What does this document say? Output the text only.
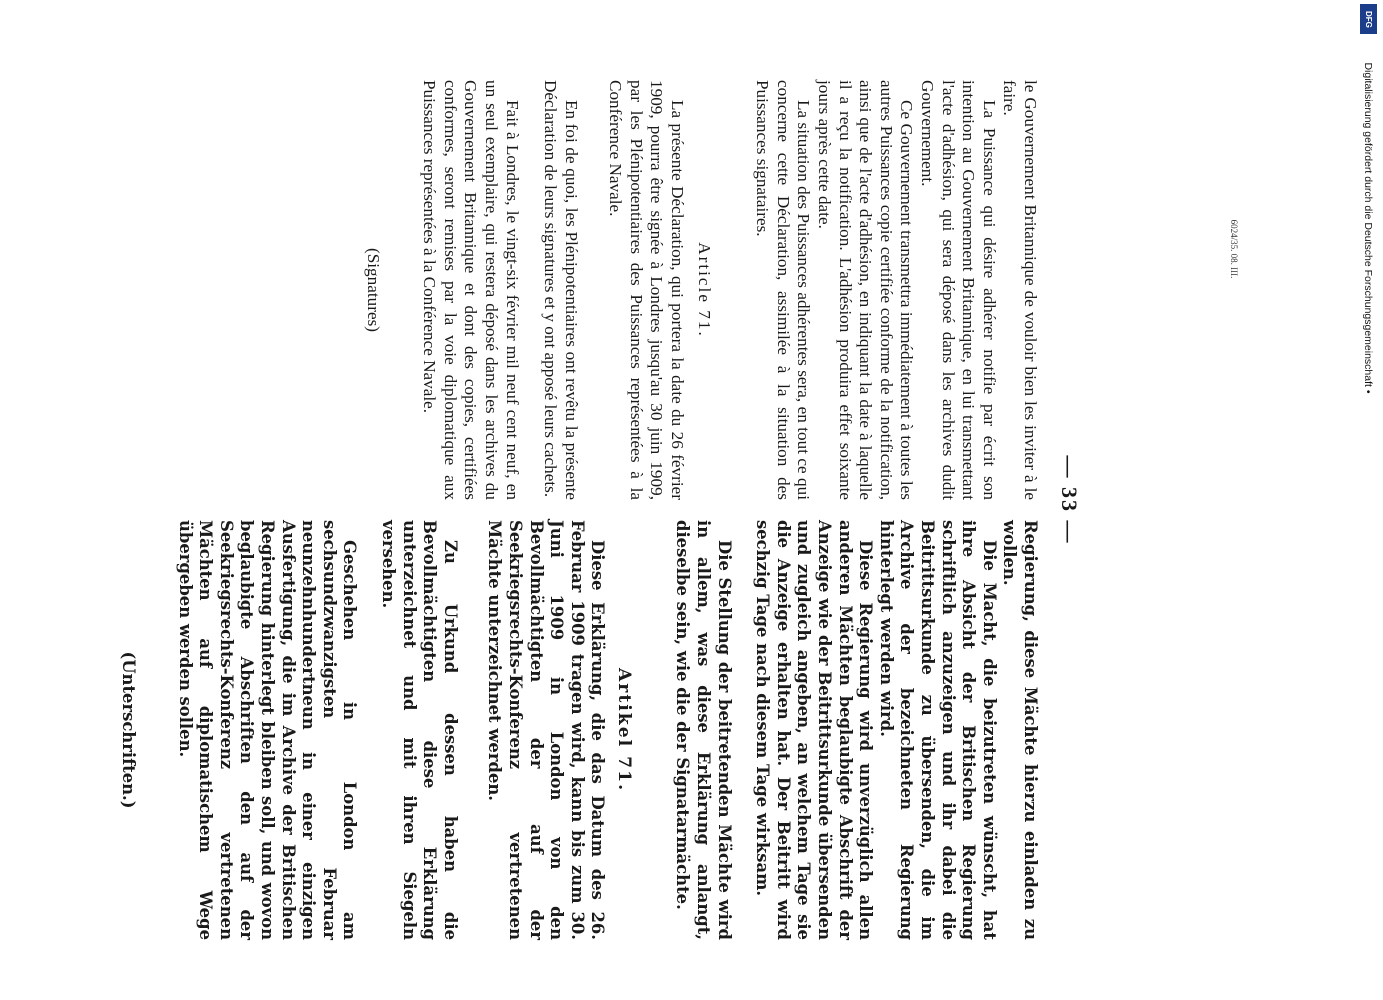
— 33 —

le Gouvernement Britannique de vouloir bien les inviter à le faire.

La Puissance qui désire adhérer notifie par écrit son intention au Gouvernement Britannique, en lui transmettant l'acte d'adhésion, qui sera déposé dans les archives dudit Gouvernement.

Ce Gouvernement transmettra immédiatement à toutes les autres Puissances copie certifiée conforme de la notification, ainsi que de l'acte d'adhésion, en indiquant la date à laquelle il a reçu la notification. L'adhésion produira effet soixante jours après cette date.

La situation des Puissances adhérentes sera, en tout ce qui concerne cette Déclaration, assimilée à la situation des Puissances signataires.

Article 71.

La présente Déclaration, qui portera la date du 26 février 1909, pourra être signée à Londres jusqu'au 30 juin 1909, par les Plénipotentiaires des Puissances représentées à la Conférence Navale.

En foi de quoi, les Plénipotentiaires ont revêtu la présente Déclaration de leurs signatures et y ont apposé leurs cachets.

Fait à Londres, le vingt-six février mil neuf cent neuf, en un seul exemplaire, qui restera déposé dans les archives du Gouvernement Britannique et dont des copies, certifiées conformes, seront remises par la voie diplomatique aux Puissances représentées à la Conférence Navale.

(Signatures)

Regierung, diese Mächte hierzu einladen zu wollen.

Die Macht, die beizutreten wünscht, hat ihre Absicht der Britischen Regierung schriftlich anzuzeigen und ihr dabei die Beitrittsurkunde zu übersenden, die im Archive der bezeichneten Regierung hinterlegt werden wird.

Diese Regierung wird unverzüglich allen anderen Mächten beglaubigte Abschrift der Anzeige wie der Beitrittsurkunde übersenden und zugleich angeben, an welchem Tage sie die Anzeige erhalten hat. Der Beitritt wird sechzig Tage nach diesem Tage wirksam.

Die Stellung der beitretenden Mächte wird in allem, was diese Erklärung anlangt, dieselbe sein, wie die der Signatarmächte.

Artikel 71.

Diese Erklärung, die das Datum des 26. Februar 1909 tragen wird, kann bis zum 30. Juni 1909 in London von den Bevollmächtigten der auf der Seekriegsrechts-Konferenz vertretenen Mächte unterzeichnet werden.

Zu Urkund dessen haben die Bevollmächtigten diese Erklärung unterzeichnet und mit ihren Siegeln versehen.

Geschehen in London am sechsundzwanzigsten Februar neunzehnhundertneun in einer einzigen Ausfertigung, die im Archive der Britischen Regierung hinterlegt bleiben soll, und wovon beglaubigte Abschriften den auf der Seekriegsrechts-Konferenz vertretenen Mächten auf diplomatischem Wege übergeben werden sollen.

(Unterschriften.)
6024/35. 08. III.
DFG
Digitalisierung gefördert durch die Deutsche Forschungsgemeinschaft •
